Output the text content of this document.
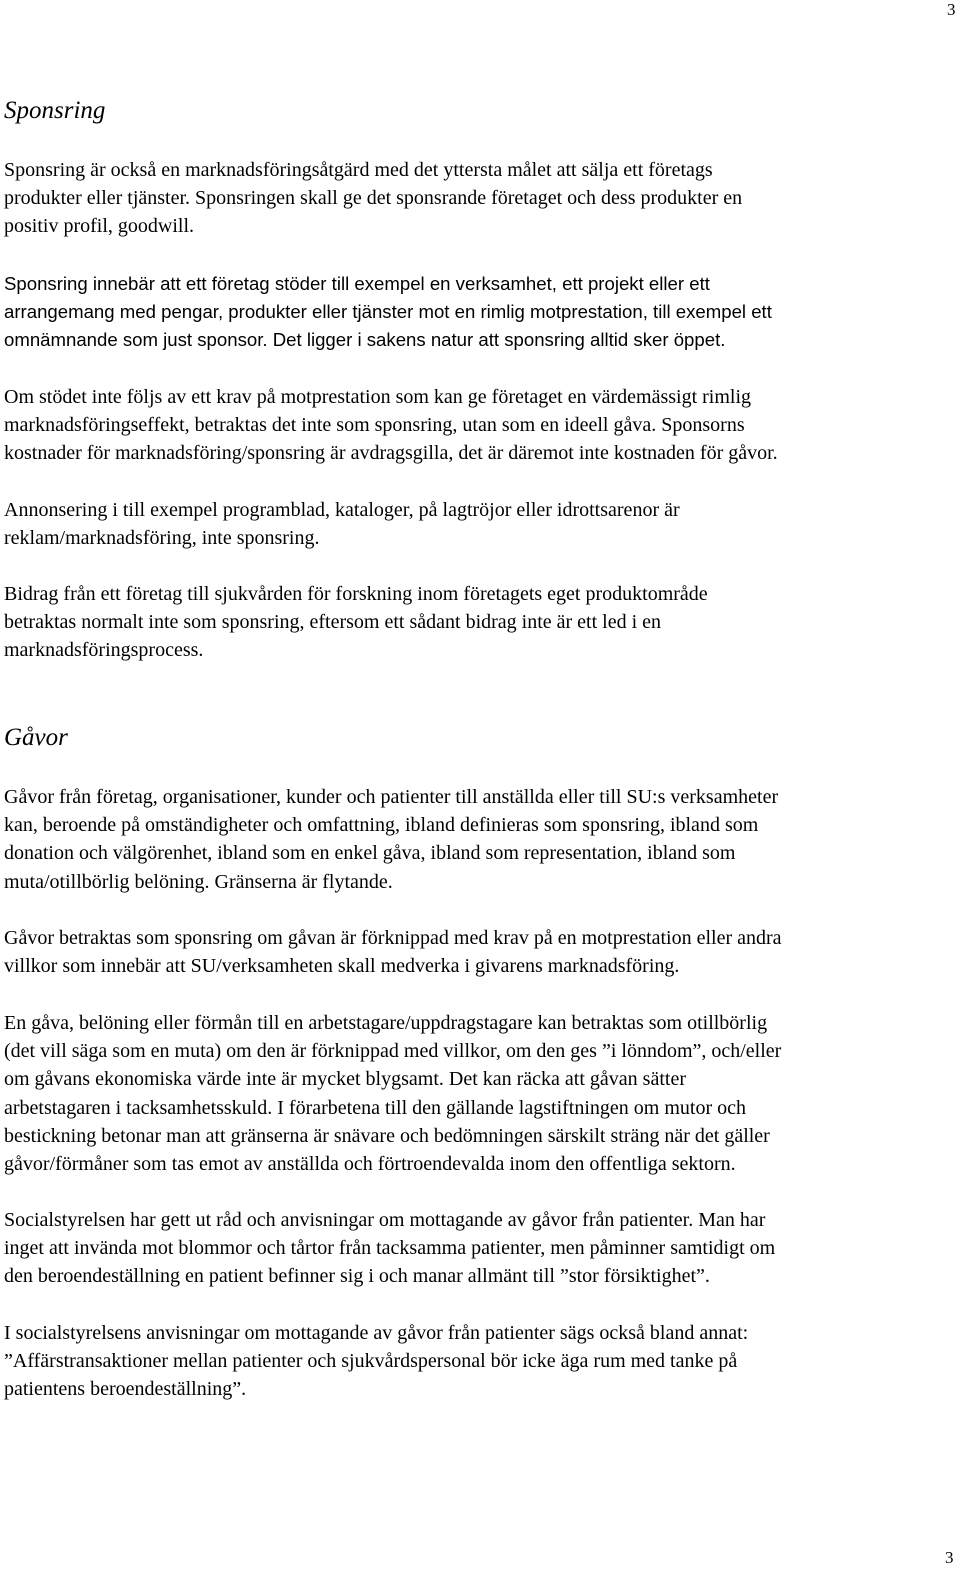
3
Sponsring

Sponsring är också en marknadsföringsåtgärd med det yttersta målet att sälja ett företags
produkter eller tjänster. Sponsringen skall ge det sponsrande företaget och dess produkter en
positiv profil, goodwill.

Sponsring innebär att ett företag stöder till exempel en verksamhet, ett projekt eller ett
arrangemang med pengar, produkter eller tjänster mot en rimlig motprestation, till exempel ett
omnämnande som just sponsor. Det ligger i sakens natur att sponsring alltid sker öppet.

Om stödet inte följs av ett krav på motprestation som kan ge företaget en värdemässigt rimlig
marknadsföringseffekt, betraktas det inte som sponsring, utan som en ideell gåva. Sponsorns
kostnader för marknadsföring/sponsring är avdragsgilla, det är däremot inte kostnaden för gåvor.

Annonsering i till exempel programblad, kataloger, på lagtröjor eller idrottsarenor är
reklam/marknadsföring, inte sponsring.

Bidrag från ett företag till sjukvården för forskning inom företagets eget produktområde
betraktas normalt inte som sponsring, eftersom ett sådant bidrag inte är ett led i en
marknadsföringsprocess.

Gåvor

Gåvor från företag, organisationer, kunder och patienter till anställda eller till SU:s verksamheter
kan, beroende på omständigheter och omfattning, ibland definieras som sponsring, ibland som
donation och välgörenhet, ibland som en enkel gåva, ibland som representation, ibland som
muta/otillbörlig belöning. Gränserna är flytande.

Gåvor betraktas som sponsring om gåvan är förknippad med krav på en motprestation eller andra
villkor som innebär att SU/verksamheten skall medverka i givarens marknadsföring.

En gåva, belöning eller förmån till en arbetstagare/uppdragstagare kan betraktas som otillbörlig
(det vill säga som en muta) om den är förknippad med villkor, om den ges ”i lönndom”, och/eller
om gåvans ekonomiska värde inte är mycket blygsamt. Det kan räcka att gåvan sätter
arbetstagaren i tacksamhetsskuld. I förarbetena till den gällande lagstiftningen om mutor och
bestickning betonar man att gränserna är snävare och bedömningen särskilt sträng när det gäller
gåvor/förmåner som tas emot av anställda och förtroendevalda inom den offentliga sektorn.

Socialstyrelsen har gett ut råd och anvisningar om mottagande av gåvor från patienter. Man har
inget att invända mot blommor och tårtor från tacksamma patienter, men påminner samtidigt om
den beroendeställning en patient befinner sig i och manar allmänt till ”stor försiktighet”.

I socialstyrelsens anvisningar om mottagande av gåvor från patienter sägs också bland annat:
”Affärstransaktioner mellan patienter och sjukvårdspersonal bör icke äga rum med tanke på
patientens beroendeställning”.

3
